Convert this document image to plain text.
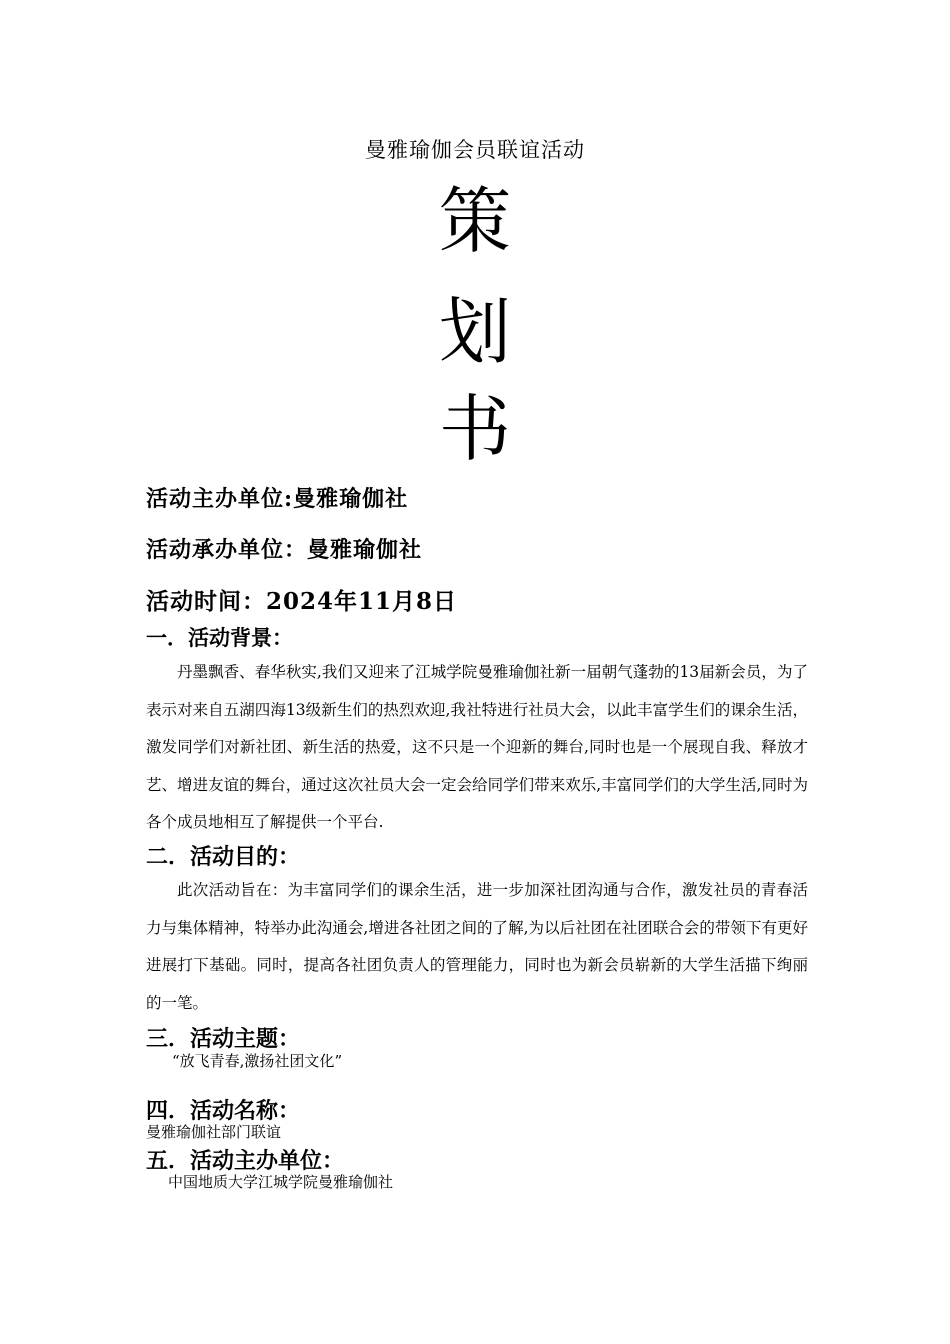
曼雅瑜伽会员联谊活动
策
划
书
活动主办单位:曼雅瑜伽社
活动承办单位：曼雅瑜伽社
活动时间：2024年11月8日
一．活动背景：
丹墨飘香、春华秋实,我们又迎来了江城学院曼雅瑜伽社新一届朝气蓬勃的13届新会员，为了表示对来自五湖四海13级新生们的热烈欢迎,我社特进行社员大会，以此丰富学生们的课余生活，激发同学们对新社团、新生活的热爱，这不只是一个迎新的舞台,同时也是一个展现自我、释放才艺、增进友谊的舞台，通过这次社员大会一定会给同学们带来欢乐,丰富同学们的大学生活,同时为各个成员地相互了解提供一个平台.
二．活动目的：
此次活动旨在：为丰富同学们的课余生活，进一步加深社团沟通与合作，激发社员的青春活力与集体精神，特举办此沟通会,增进各社团之间的了解,为以后社团在社团联合会的带领下有更好进展打下基础。同时，提高各社团负责人的管理能力，同时也为新会员崭新的大学生活描下绚丽的一笔。
三．活动主题：
“放飞青春,激扬社团文化”
四．活动名称：
曼雅瑜伽社部门联谊
五．活动主办单位：
中国地质大学江城学院曼雅瑜伽社
